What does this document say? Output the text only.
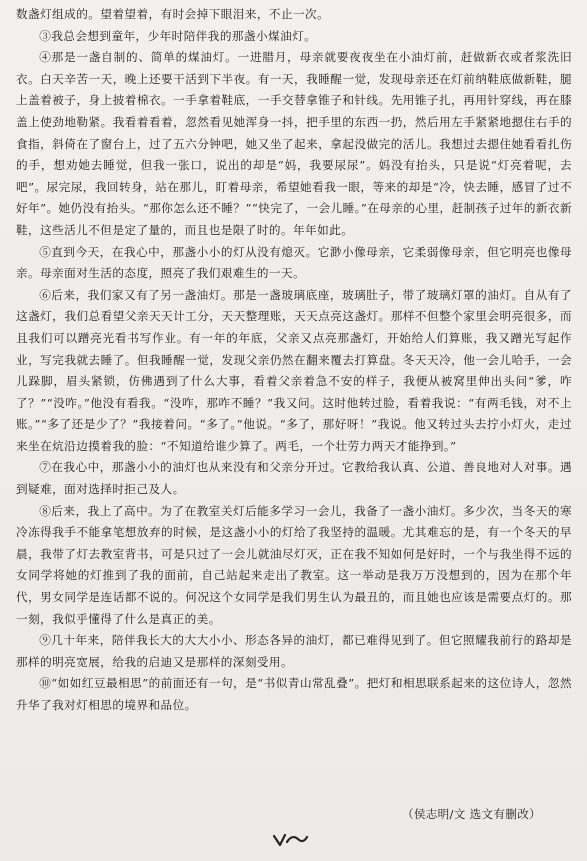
数盏灯组成的。望着望着，有时会掉下眼泪来，不止一次。

③我总会想到童年，少年时陪伴我的那盏小煤油灯。

④那是一盏自制的、简单的煤油灯。一进腊月，母亲就要夜夜坐在小油灯前，赶做新衣或者浆洗旧衣。白天辛苦一天，晚上还要干活到下半夜。有一天，我睡醒一觉，发现母亲还在灯前纳鞋底做新鞋，腿上盖着被子，身上披着棉衣。一手拿着鞋底，一手交替拿锥子和针线。先用锥子扎，再用针穿线，再在膝盖上使劲地勒紧。我看着看着，忽然看见她浑身一抖，把手里的东西一扔，然后用左手紧紧地摁住右手的食指，斜倚在了窗台上，过了五六分钟吧，她又坐了起来，拿起没做完的活儿。我想过去摁住她看看扎伤的手，想劝她去睡觉，但我一张口，说出的却是“妈，我要尿尿”。妈没有抬头，只是说“灯亮着呢，去吧”。尿完尿，我回转身，站在那儿，盯着母亲，希望她看我一眼，等来的却是“冷，快去睡，感冒了过不好年”。她仍没有抬头。“那你怎么还不睡？”“快完了，一会儿睡。”在母亲的心里，赶制孩子过年的新衣新鞋，这些活儿不但是定了量的，而且也是限了时的。年年如此。

⑤直到今天，在我心中，那盏小小的灯从没有熄灭。它渺小像母亲，它柔弱像母亲，但它明亮也像母亲。母亲面对生活的态度，照亮了我们艰难生的一天。

⑥后来，我们家又有了另一盏油灯。那是一盏玻璃底座，玻璃肚子，带了玻璃灯罩的油灯。自从有了这盏灯，我们总看望父亲天天计工分，天天整理账，天天点亮这盏灯。那样不但整个家里会明亮很多，而且我们可以蹭亮光看书写作业。有一年的年底，父亲又点亮那盏灯，开始给人们算账，我又蹭光写起作业，写完我就去睡了。但我睡醒一觉，发现父亲仍然在翻来覆去打算盘。冬天天冷，他一会儿哈手，一会儿跺脚，眉头紧锁，仿佛遇到了什么大事，看着父亲着急不安的样子，我便从被窝里伸出头问“爹，咋了？”“没咋。”他没有看我。“没咋，那咋不睡？”我又问。这时他转过脸，看着我说：“有两毛钱，对不上账。”“多了还是少了？”我接着问。“多了。”他说。“多了，那好呀！”我说。他又转过头去拧小灯火，走过来坐在炕沿边摸着我的脸：“不知道给谁少算了。两毛，一个壮劳力两天才能挣到。”

⑦在我心中，那盏小小的油灯也从来没有和父亲分开过。它教给我认真、公道、善良地对人对事。遇到疑难，面对选择时拒己及人。

⑧后来，我上了高中。为了在教室关灯后能多学习一会儿，我备了一盏小油灯。多少次，当冬天的寒冷冻得我手不能拿笔想放弃的时候，是这盏小小的灯给了我坚持的温暖。尤其难忘的是，有一个冬天的早晨，我带了灯去教室背书，可是只过了一会儿就油尽灯灭，正在我不知如何是好时，一个与我坐得不远的女同学将她的灯推到了我的面前，自己站起来走出了教室。这一举动是我万万没想到的，因为在那个年代，男女同学是连话都不说的。何况这个女同学是我们男生认为最丑的，而且她也应该是需要点灯的。那一刻，我似乎懂得了什么是真正的美。

⑨几十年来，陪伴我长大的大大小小、形态各异的油灯，都已难得见到了。但它照耀我前行的路却是那样的明亮宽展，给我的启迪又是那样的深刻受用。

⑩“如如红豆最相思”的前面还有一句，是“书似青山常乱叠”。把灯和相思联系起来的这位诗人，忽然升华了我对灯相思的境界和品位。

（侯志明/文 选文有删改）
